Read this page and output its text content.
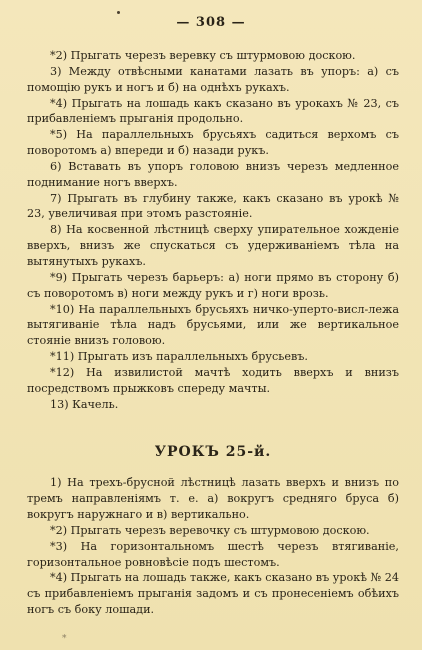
— 308 —

*2) Прыгать черезъ веревку съ штурмовою доскою.

3) Между отвѣсными канатами лазать въ упоръ: а) съ помощію рукъ и ногъ и б) на однѣхъ рукахъ.

*4) Прыгать на лошадь какъ сказано въ урокахъ № 23, съ прибавленіемъ прыганія продольно.

*5) На параллельныхъ брусьяхъ садиться верхомъ съ поворотомъ а) впереди и б) назади рукъ.

6) Вставать въ упоръ головою внизъ черезъ медленное поднимание ногъ вверхъ.

7) Прыгать въ глубину также, какъ сказано въ урокѣ № 23, увеличивая при этомъ разстояніе.

8) На косвенной лѣстницѣ сверху упирательное хожденіе вверхъ, внизъ же спускаться съ удерживаніемъ тѣла на вытянутыхъ рукахъ.

*9) Прыгать черезъ барьеръ: а) ноги прямо въ сторону б) съ поворотомъ в) ноги между рукъ и г) ноги врозь.

*10) На параллельныхъ брусьяхъ ничко-уперто-висл-лежа вытягиваніе тѣла надъ брусьями, или же вертикальное стояніе внизъ головою.

*11) Прыгать изъ параллельныхъ брусьевъ.

*12) На извилистой мачтѣ ходить вверхъ и внизъ посредствомъ прыжковъ спереду мачты.

13) Качель.

УРОКЪ 25-й.

1) На трехъ-брусной лѣстницѣ лазать вверхъ и внизъ по тремъ направленіямъ т. е. а) вокругъ средняго бруса б) вокругъ наружнаго и в) вертикально.

*2) Прыгать черезъ веревочку съ штурмовою доскою.

*3) На горизонтальномъ шестѣ черезъ втягиваніе, горизонтальное ровновѣсіе подъ шестомъ.

*4) Прыгать на лошадь также, какъ сказано въ урокѣ № 24 съ прибавленіемъ прыганія задомъ и съ пронесеніемъ обѣихъ ногъ съ боку лошади.

*
